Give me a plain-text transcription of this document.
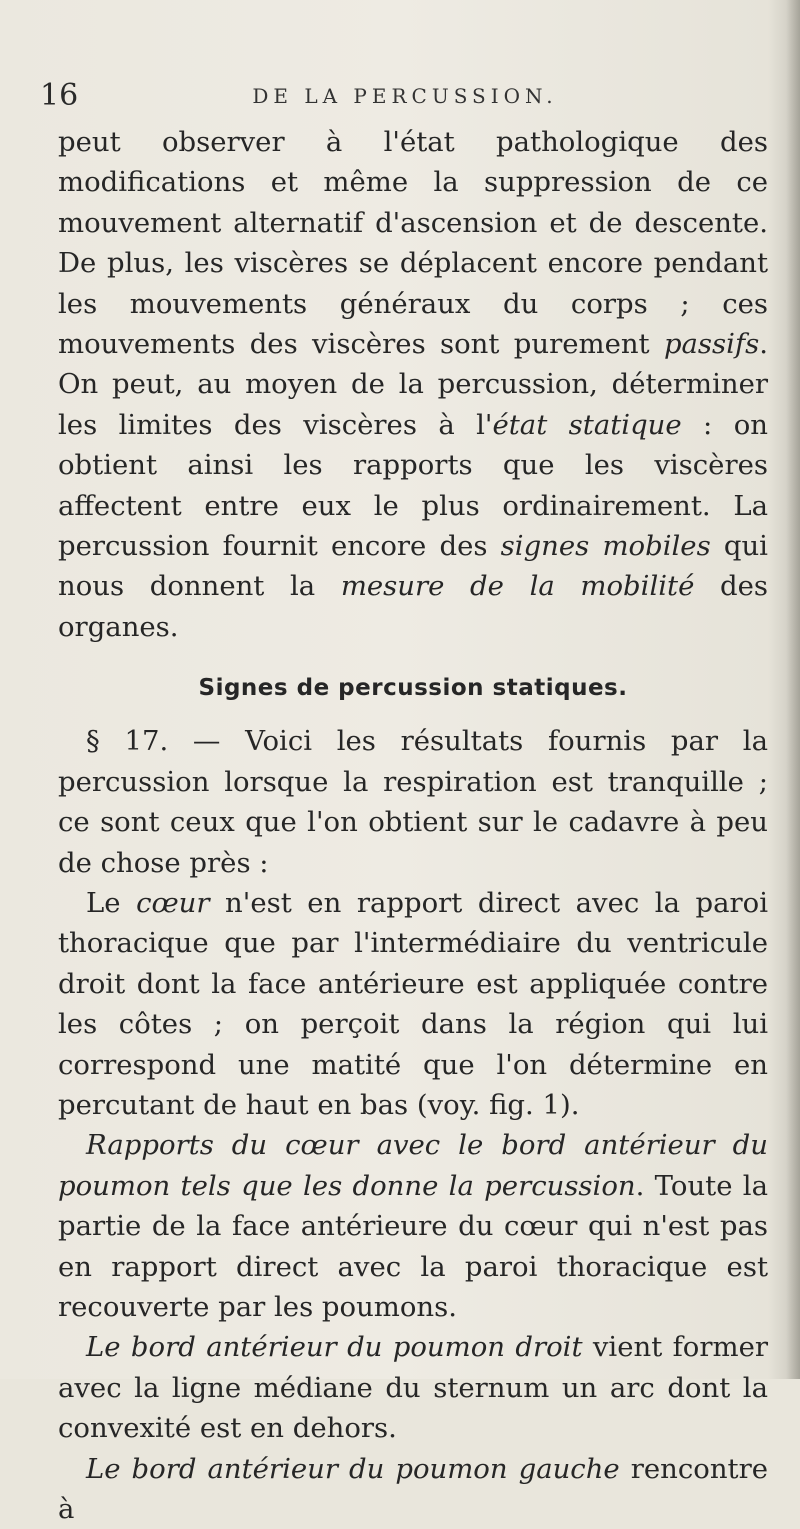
16	DE LA PERCUSSION.

peut observer à l'état pathologique des modifications et même la suppression de ce mouvement alternatif d'ascension et de descente. De plus, les viscères se déplacent encore pendant les mouvements généraux du corps ; ces mouvements des viscères sont purement passifs. On peut, au moyen de la percussion, déterminer les limites des viscères à l'état statique : on obtient ainsi les rapports que les viscères affectent entre eux le plus ordinairement. La percussion fournit encore des signes mobiles qui nous donnent la mesure de la mobilité des organes.

Signes de percussion statiques.

§ 17. — Voici les résultats fournis par la percussion lorsque la respiration est tranquille ; ce sont ceux que l'on obtient sur le cadavre à peu de chose près :

Le cœur n'est en rapport direct avec la paroi thoracique que par l'intermédiaire du ventricule droit dont la face antérieure est appliquée contre les côtes ; on perçoit dans la région qui lui correspond une matité que l'on détermine en percutant de haut en bas (voy. fig. 1).

Rapports du cœur avec le bord antérieur du poumon tels que les donne la percussion. Toute la partie de la face antérieure du cœur qui n'est pas en rapport direct avec la paroi thoracique est recouverte par les poumons.

Le bord antérieur du poumon droit vient former avec la ligne médiane du sternum un arc dont la convexité est en dehors.

Le bord antérieur du poumon gauche rencontre à
